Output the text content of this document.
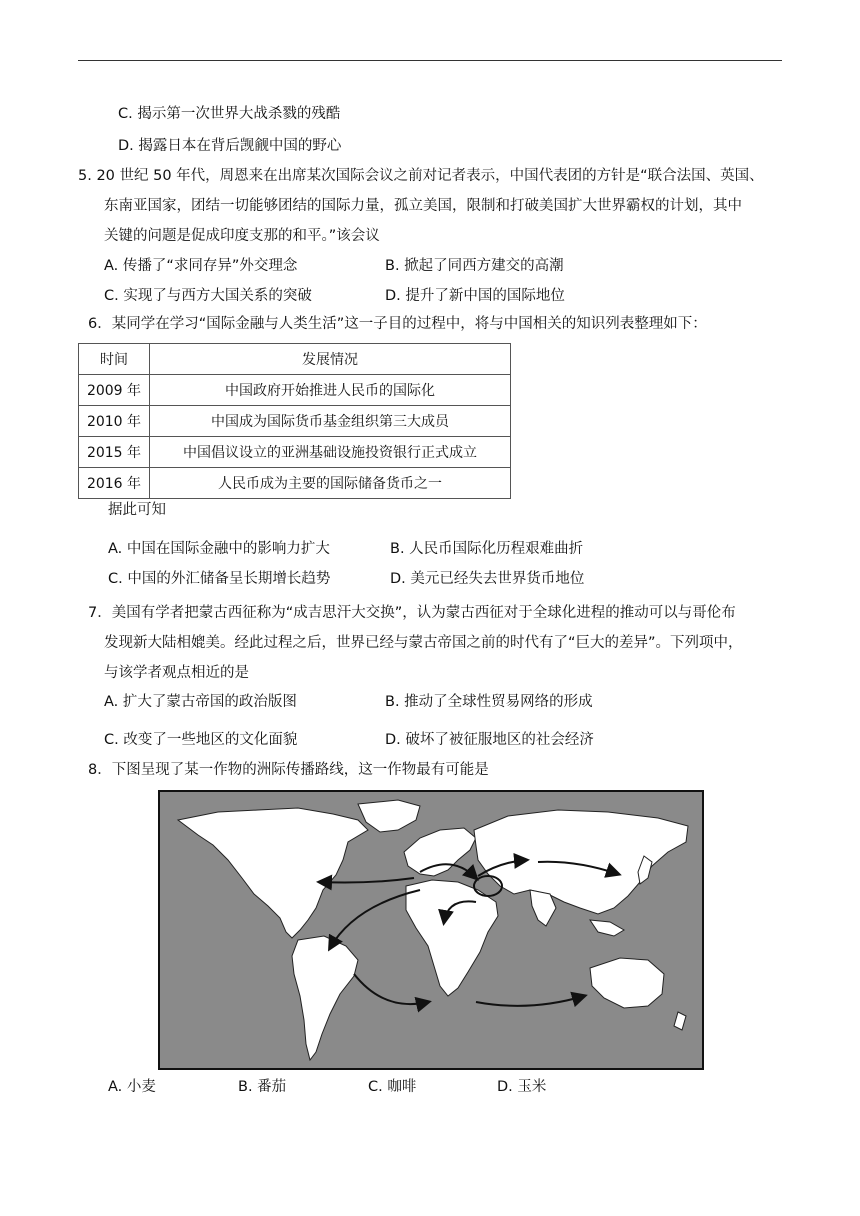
C. 揭示第一次世界大战杀戮的残酷
D. 揭露日本在背后觊觎中国的野心
5. 20 世纪 50 年代，周恩来在出席某次国际会议之前对记者表示，中国代表团的方针是“联合法国、英国、
东南亚国家，团结一切能够团结的国际力量，孤立美国，限制和打破美国扩大世界霸权的计划，其中
关键的问题是促成印度支那的和平。”该会议
A. 传播了“求同存异”外交理念	B. 掀起了同西方建交的高潮
C. 实现了与西方大国关系的突破	D. 提升了新中国的国际地位
6．某同学在学习“国际金融与人类生活”这一子目的过程中，将与中国相关的知识列表整理如下：
时间	发展情况
2009 年	中国政府开始推进人民币的国际化
2010 年	中国成为国际货币基金组织第三大成员
2015 年	中国倡议设立的亚洲基础设施投资银行正式成立
2016 年	人民币成为主要的国际储备货币之一
据此可知
A. 中国在国际金融中的影响力扩大	B. 人民币国际化历程艰难曲折
C. 中国的外汇储备呈长期增长趋势	D. 美元已经失去世界货币地位
7．美国有学者把蒙古西征称为“成吉思汗大交换”，认为蒙古西征对于全球化进程的推动可以与哥伦布
发现新大陆相媲美。经此过程之后，世界已经与蒙古帝国之前的时代有了“巨大的差异”。下列项中，
与该学者观点相近的是
A. 扩大了蒙古帝国的政治版图	B. 推动了全球性贸易网络的形成
C. 改变了一些地区的文化面貌	D. 破坏了被征服地区的社会经济
8．下图呈现了某一作物的洲际传播路线，这一作物最有可能是
A. 小麦	B. 番茄	C. 咖啡	D. 玉米
